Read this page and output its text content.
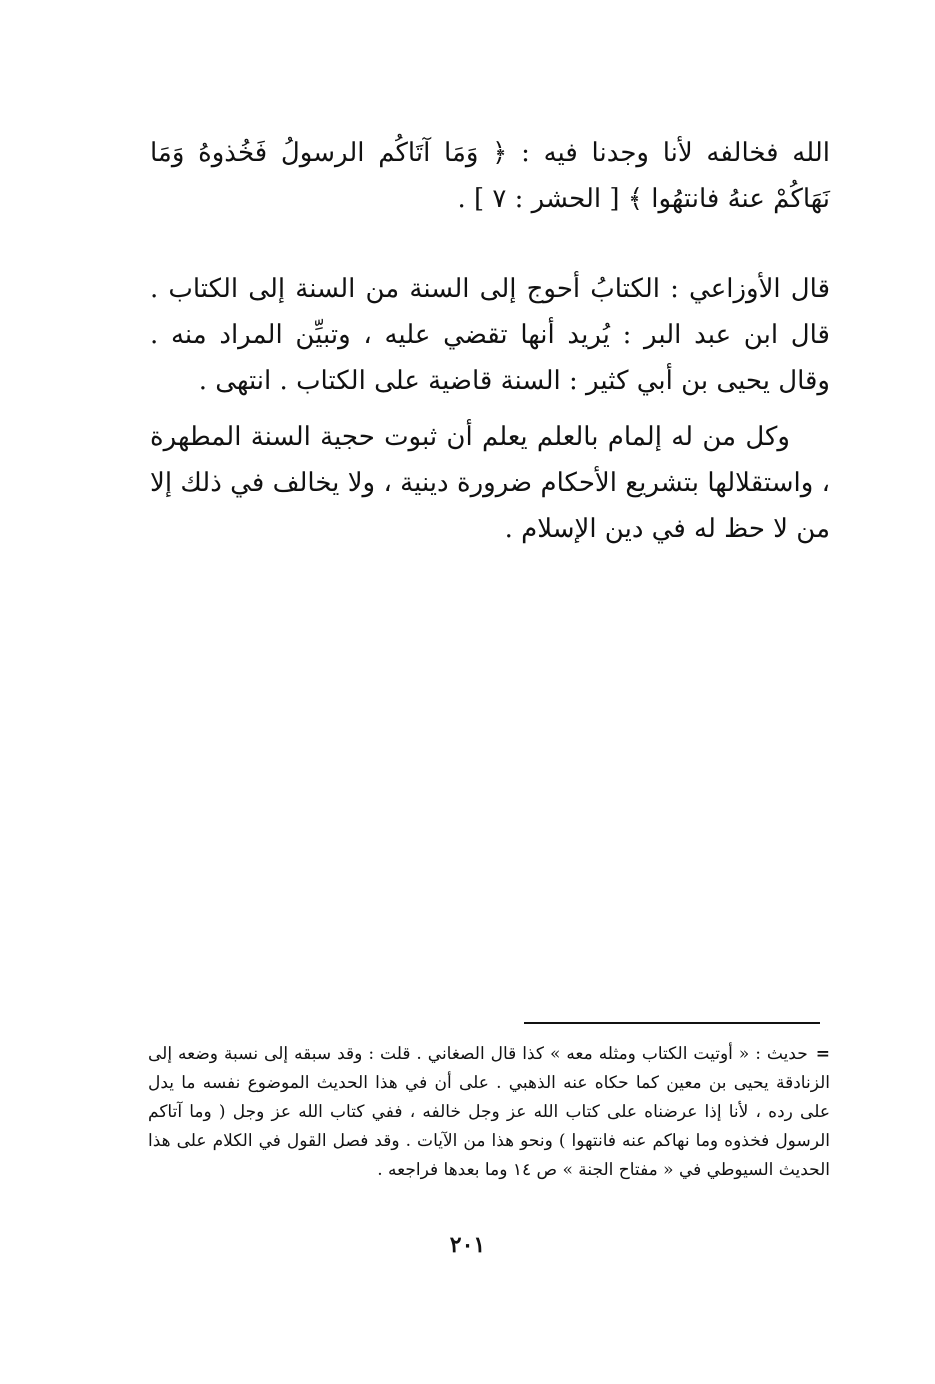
الله فخالفه لأنا وجدنا فيه : ﴿ وَمَا آتَاكُم الرسولُ فَخُذوهُ وَمَا نَهَاكُمْ عنهُ فانتهُوا ﴾ [ الحشر : ٧ ] .

قال الأوزاعي : الكتابُ أحوج إلى السنة من السنة إلى الكتاب . قال ابن عبد البر : يُريد أنها تقضي عليه ، وتبيِّن المراد منه . وقال يحيى بن أبي كثير : السنة قاضية على الكتاب . انتهى .

وكل من له إلمام بالعلم يعلم أن ثبوت حجية السنة المطهرة ، واستقلالها بتشريع الأحكام ضرورة دينية ، ولا يخالف في ذلك إلا من لا حظ له في دين الإسلام .

=حديث : « أوتيت الكتاب ومثله معه » كذا قال الصغاني . قلت : وقد سبقه إلى نسبة وضعه إلى الزنادقة يحيى بن معين كما حكاه عنه الذهبي . على أن في هذا الحديث الموضوع نفسه ما يدل على رده ، لأنا إذا عرضناه على كتاب الله عز وجل خالفه ، ففي كتاب الله عز وجل ( وما آتاكم الرسول فخذوه وما نهاكم عنه فانتهوا ) ونحو هذا من الآيات . وقد فصل القول في الكلام على هذا الحديث السيوطي في « مفتاح الجنة » ص ١٤ وما بعدها فراجعه .

٢٠١
